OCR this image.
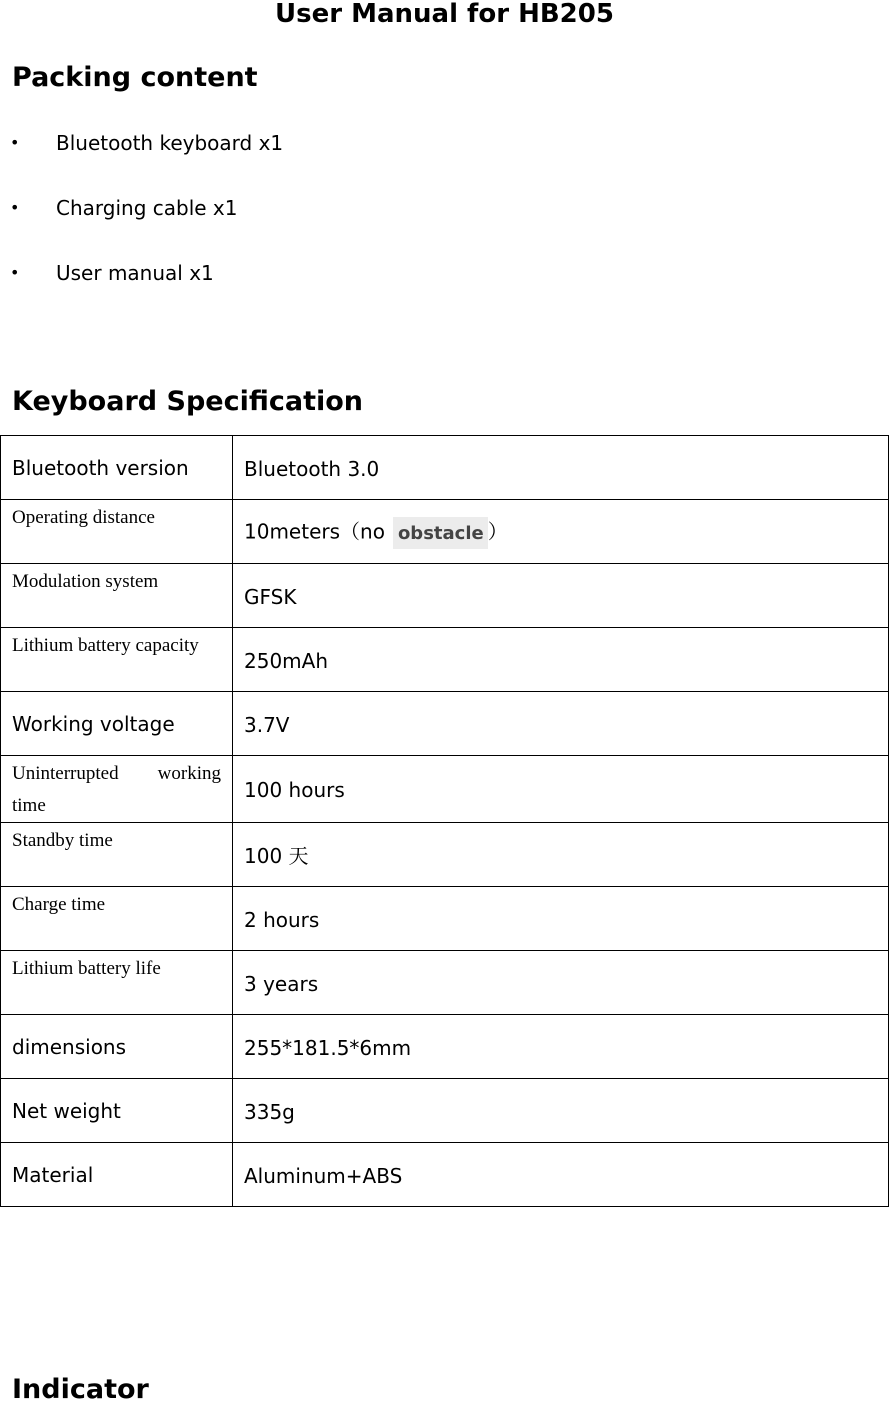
User Manual for HB205
Packing content
• Bluetooth keyboard x1
• Charging cable x1
• User manual x1
Keyboard Specification
Bluetooth version	Bluetooth 3.0
Operating distance	10meters（no obstacle ）
Modulation system	GFSK
Lithium battery capacity	250mAh
Working voltage	3.7V
Uninterrupted working time	100 hours
Standby time	100 天
Charge time	2 hours
Lithium battery life	3 years
dimensions	255*181.5*6mm
Net weight	335g
Material	Aluminum+ABS
Indicator
